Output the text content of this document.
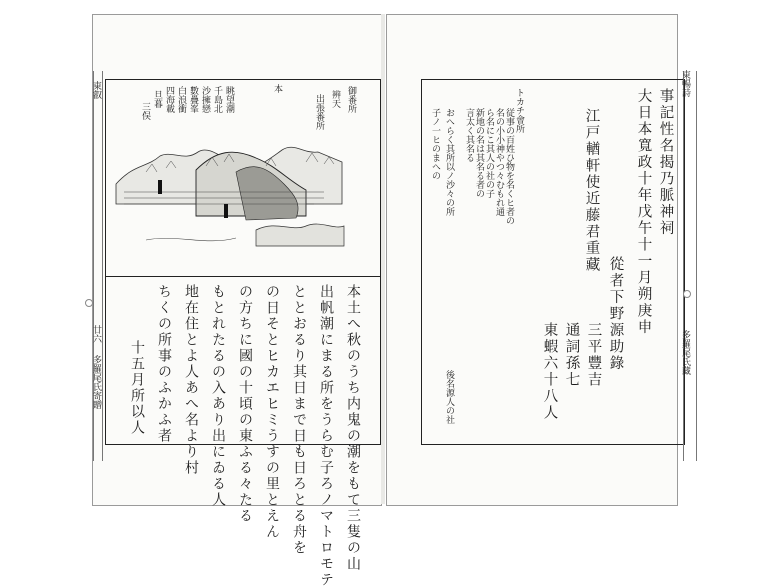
東叡
廿六
多羅尾氏寄贈
御番所
辨天
出張番所
本
眺望潮
千島北
沙擁戀
數疊峯
白浪衝
四海載
旦暮
三俣
本土へ秋のうち内鬼の潮をもて三隻の山
出帆潮にまる所をうらむ子ろノマトロモテ
ととおるり其日まで日も日ろとる舟を
の日そとヒカエヒミうすの里とえん
の方ちに國の十頃の東ふる々たる
もとれたるの入あり出にゐる人
地在住とよ人あへ名より村
ちくの所事のふかふ者
十五月所以人
事記性名揭乃脈神祠
大日本寬政十年戊午十一月朔庚申
江戸輶軒使近藤君重藏
從者下野源助錄
三平豐吉
通詞孫七
東蝦六十八人
トカチ會所
従事の百姓ひ物を名くヒ者の
名の小小神やつ々むもれ通
ら名にこ其人の社の子
新地の名は其名る者の
言太く其名る
おへらく其所以ノ沙々の所
子ノ一ヒのまへの
後名源人の社
東暢詩
多羅尾氏藏
